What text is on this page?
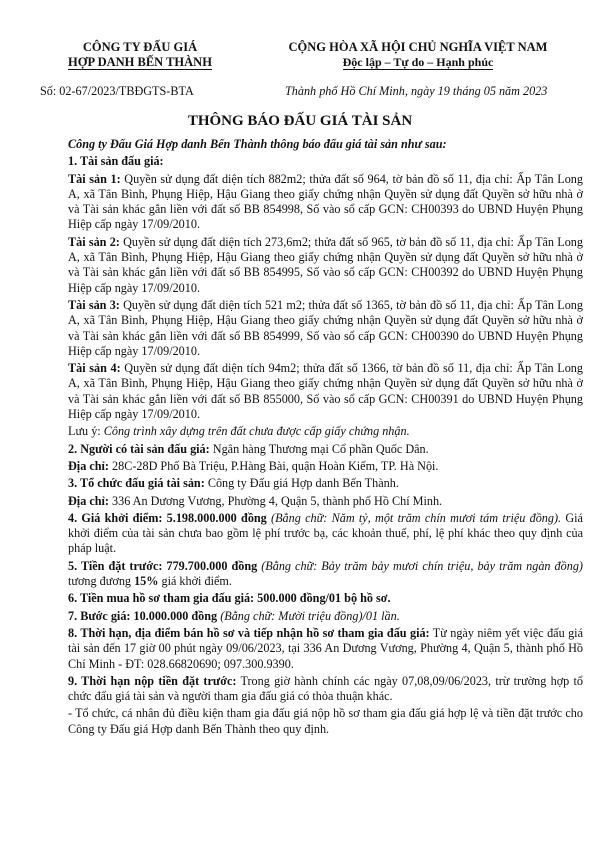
CÔNG TY ĐẤU GIÁ
HỢP DANH BẾN THÀNH
CỘNG HÒA XÃ HỘI CHỦ NGHĨA VIỆT NAM
Độc lập – Tự do – Hạnh phúc
Số: 02-67/2023/TBĐGTS-BTA	Thành phố Hồ Chí Minh, ngày 19 tháng 05 năm 2023
THÔNG BÁO ĐẤU GIÁ TÀI SẢN

Công ty Đấu Giá Hợp danh Bến Thành thông báo đấu giá tài sản như sau:

1. Tài sản đấu giá:

Tài sản 1: Quyền sử dụng đất diện tích 882m2; thửa đất số 964, tờ bản đồ số 11, địa chỉ: Ấp Tân Long A, xã Tân Bình, Phụng Hiệp, Hậu Giang theo giấy chứng nhận Quyền sử dụng đất Quyền sở hữu nhà ở và Tài sản khác gắn liền với đất số BB 854998, Số vào sổ cấp GCN: CH00393 do UBND Huyện Phụng Hiệp cấp ngày 17/09/2010.

Tài sản 2: Quyền sử dụng đất diện tích 273,6m2; thửa đất số 965, tờ bản đồ số 11, địa chỉ: Ấp Tân Long A, xã Tân Bình, Phụng Hiệp, Hậu Giang theo giấy chứng nhận Quyền sử dụng đất Quyền sở hữu nhà ở và Tài sản khác gắn liền với đất số BB 854995, Số vào sổ cấp GCN: CH00392 do UBND Huyện Phụng Hiệp cấp ngày 17/09/2010.

Tài sản 3: Quyền sử dụng đất diện tích 521 m2; thửa đất số 1365, tờ bản đồ số 11, địa chỉ: Ấp Tân Long A, xã Tân Bình, Phụng Hiệp, Hậu Giang theo giấy chứng nhận Quyền sử dụng đất Quyền sở hữu nhà ở và Tài sản khác gắn liền với đất số BB 854999, Số vào sổ cấp GCN: CH00390 do UBND Huyện Phụng Hiệp cấp ngày 17/09/2010.

Tài sản 4: Quyền sử dụng đất diện tích 94m2; thửa đất số 1366, tờ bản đồ số 11, địa chỉ: Ấp Tân Long A, xã Tân Bình, Phụng Hiệp, Hậu Giang theo giấy chứng nhận Quyền sử dụng đất Quyền sở hữu nhà ở và Tài sản khác gắn liền với đất số BB 855000, Số vào sổ cấp GCN: CH00391 do UBND Huyện Phụng Hiệp cấp ngày 17/09/2010.

Lưu ý: Công trình xây dựng trên đất chưa được cấp giấy chứng nhận.

2. Người có tài sản đấu giá: Ngân hàng Thương mại Cổ phần Quốc Dân.

Địa chỉ: 28C-28D Phố Bà Triệu, P.Hàng Bài, quận Hoàn Kiếm, TP. Hà Nội.

3. Tổ chức đấu giá tài sản: Công ty Đấu giá Hợp danh Bến Thành.

Địa chỉ: 336 An Dương Vương, Phường 4, Quận 5, thành phố Hồ Chí Minh.

4. Giá khởi điểm: 5.198.000.000 đồng (Bằng chữ: Năm tỷ, một trăm chín mươi tám triệu đồng). Giá khởi điểm của tài sản chưa bao gồm lệ phí trước bạ, các khoản thuế, phí, lệ phí khác theo quy định của pháp luật.

5. Tiền đặt trước: 779.700.000 đồng (Bằng chữ: Bảy trăm bảy mươi chín triệu, bảy trăm ngàn đồng) tương đương 15% giá khởi điểm.

6. Tiền mua hồ sơ tham gia đấu giá: 500.000 đồng/01 bộ hồ sơ.

7. Bước giá: 10.000.000 đồng (Bằng chữ: Mười triệu đồng)/01 lần.

8. Thời hạn, địa điểm bán hồ sơ và tiếp nhận hồ sơ tham gia đấu giá: Từ ngày niêm yết việc đấu giá tài sản đến 17 giờ 00 phút ngày 09/06/2023, tại 336 An Dương Vương, Phường 4, Quận 5, thành phố Hồ Chí Minh - ĐT: 028.66820690; 097.300.9390.

9. Thời hạn nộp tiền đặt trước: Trong giờ hành chính các ngày 07,08,09/06/2023, trừ trường hợp tổ chức đấu giá tài sản và người tham gia đấu giá có thỏa thuận khác.

- Tổ chức, cá nhân đủ điều kiện tham gia đấu giá nộp hồ sơ tham gia đấu giá hợp lệ và tiền đặt trước cho Công ty Đấu giá Hợp danh Bến Thành theo quy định.
